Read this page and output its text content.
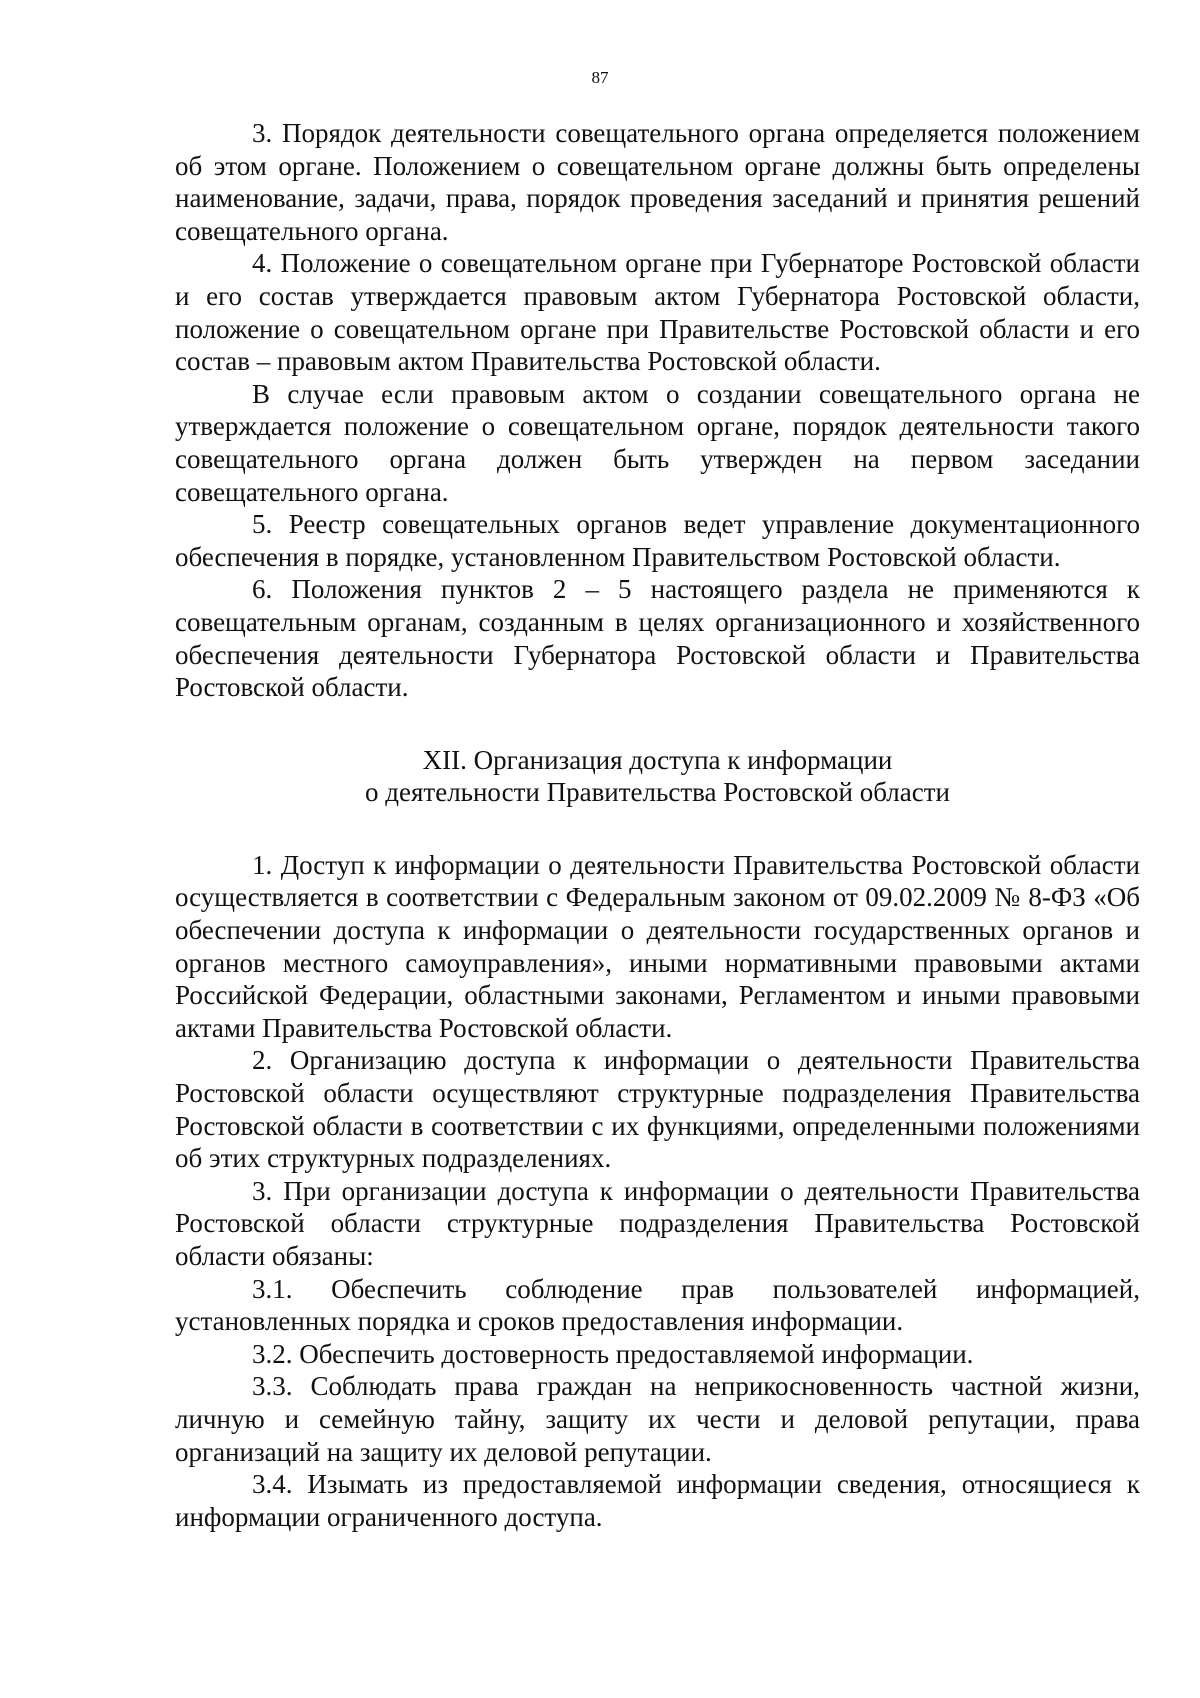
87

3. Порядок деятельности совещательного органа определяется положением об этом органе. Положением о совещательном органе должны быть определены наименование, задачи, права, порядок проведения заседаний и принятия решений совещательного органа.

4. Положение о совещательном органе при Губернаторе Ростовской области и его состав утверждается правовым актом Губернатора Ростовской области, положение о совещательном органе при Правительстве Ростовской области и его состав – правовым актом Правительства Ростовской области.

В случае если правовым актом о создании совещательного органа не утверждается положение о совещательном органе, порядок деятельности такого совещательного органа должен быть утвержден на первом заседании совещательного органа.

5. Реестр совещательных органов ведет управление документационного обеспечения в порядке, установленном Правительством Ростовской области.

6. Положения пунктов 2 – 5 настоящего раздела не применяются к совещательным органам, созданным в целях организационного и хозяйственного обеспечения деятельности Губернатора Ростовской области и Правительства Ростовской области.

XII. Организация доступа к информации
о деятельности Правительства Ростовской области

1. Доступ к информации о деятельности Правительства Ростовской области осуществляется в соответствии с Федеральным законом от 09.02.2009 № 8-ФЗ «Об обеспечении доступа к информации о деятельности государственных органов и органов местного самоуправления», иными нормативными правовыми актами Российской Федерации, областными законами, Регламентом и иными правовыми актами Правительства Ростовской области.

2. Организацию доступа к информации о деятельности Правительства Ростовской области осуществляют структурные подразделения Правительства Ростовской области в соответствии с их функциями, определенными положениями об этих структурных подразделениях.

3. При организации доступа к информации о деятельности Правительства Ростовской области структурные подразделения Правительства Ростовской области обязаны:

3.1. Обеспечить соблюдение прав пользователей информацией, установленных порядка и сроков предоставления информации.

3.2. Обеспечить достоверность предоставляемой информации.

3.3. Соблюдать права граждан на неприкосновенность частной жизни, личную и семейную тайну, защиту их чести и деловой репутации, права организаций на защиту их деловой репутации.

3.4. Изымать из предоставляемой информации сведения, относящиеся к информации ограниченного доступа.
